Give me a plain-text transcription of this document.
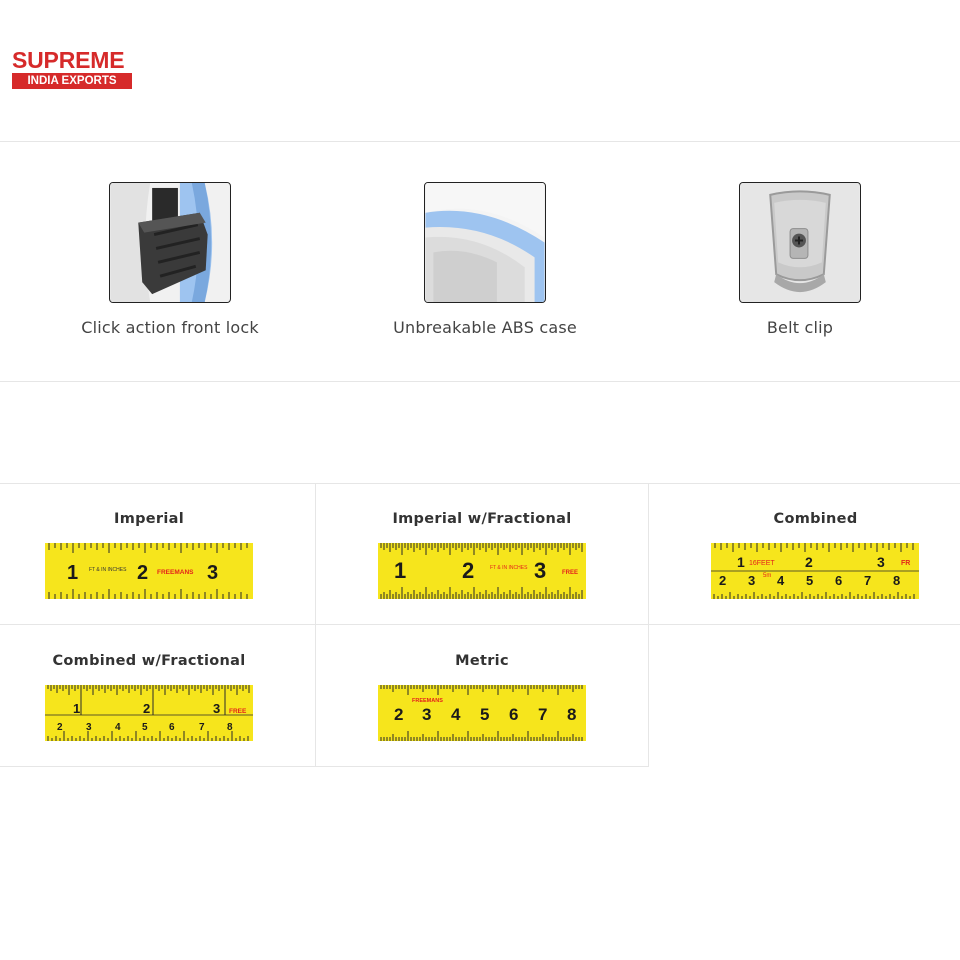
SUPREME
INDIA EXPORTS
Click action front lock	Unbreakable ABS case	Belt clip
Imperial
1	2	3
FT & IN INCHES	FREEMANS
Imperial w/Fractional
1	2	3
FT & IN INCHES
FREE
Combined
1	2	3
16FEET
5m
FR
2 3 4 5 6 7 8
Combined w/Fractional
1	2	3 FREE
2 3 4 5 6 7 8
Metric
2 3 4 5 6 7 8
FREEMANS
